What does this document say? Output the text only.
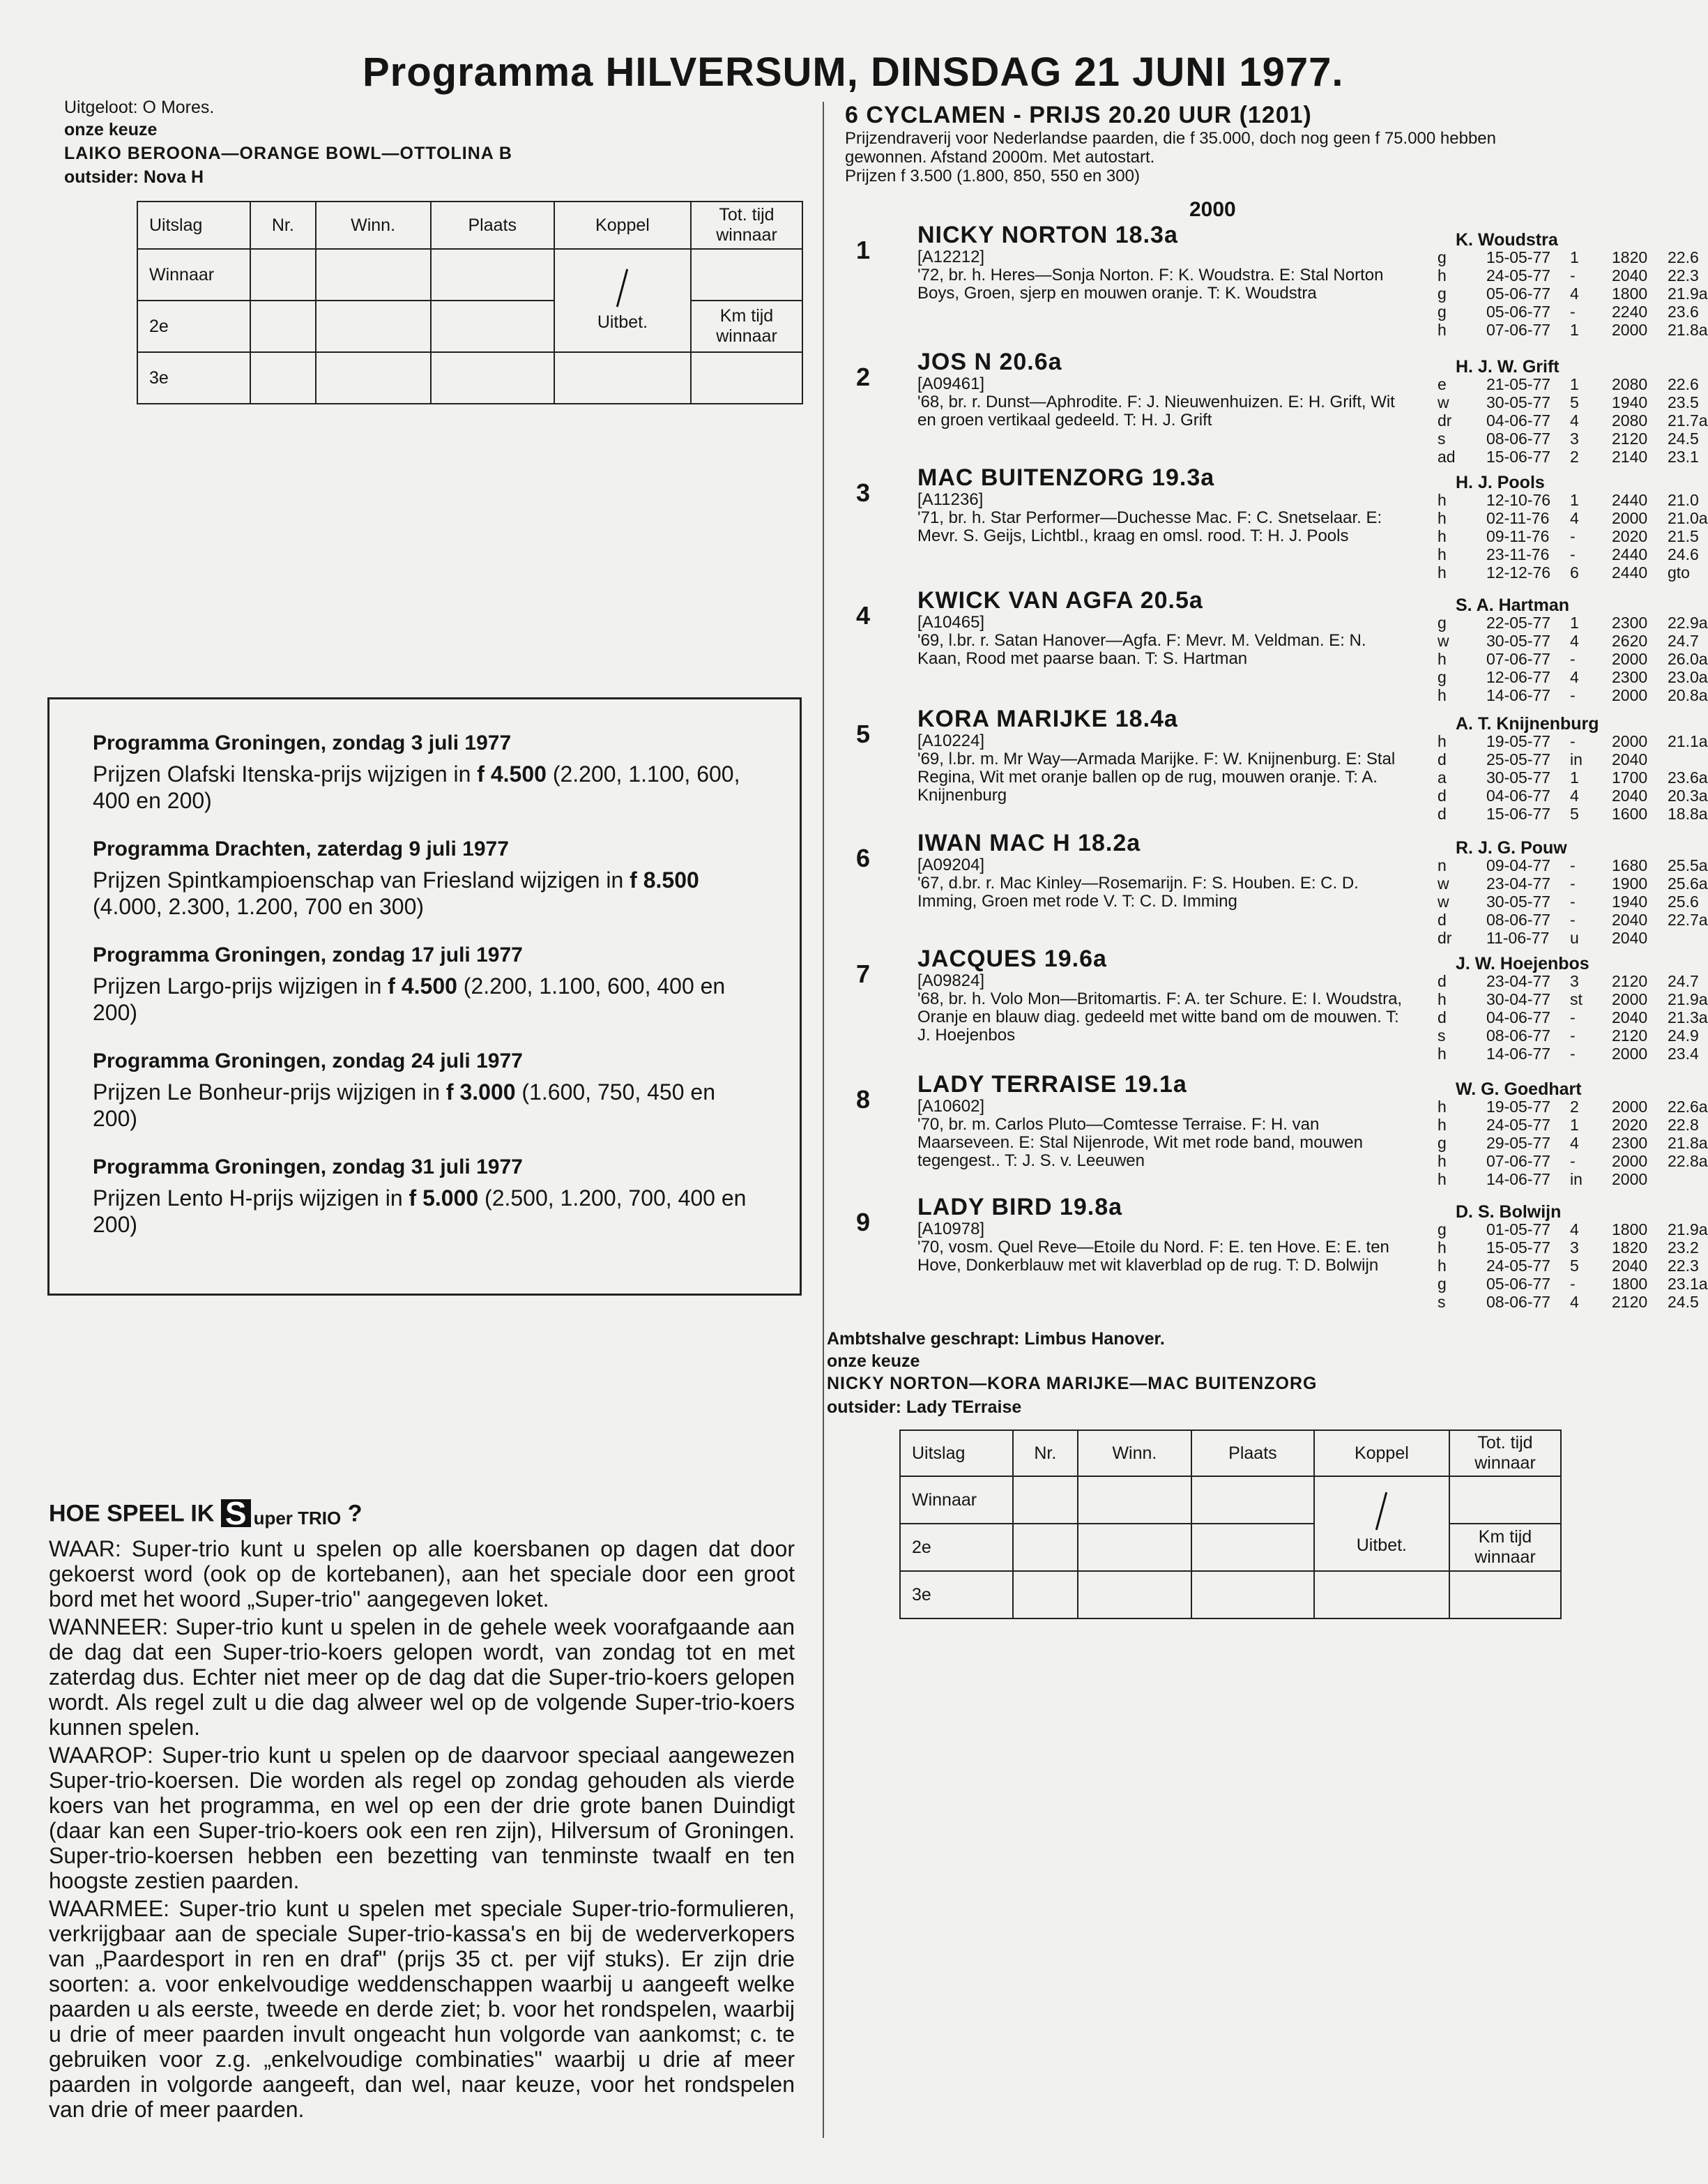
Programma HILVERSUM, DINSDAG 21 JUNI 1977.
Uitgeloot: O Mores.
onze keuze
LAIKO BEROONA—ORANGE BOWL—OTTOLINA B
outsider: Nova H
Uitslag	Nr.	Winn.	Plaats	Koppel	Tot. tijd winnaar
Winnaar				Uitbet.	
2e					Km tijd winnaar
3e					
Programma Groningen, zondag 3 juli 1977

Prijzen Olafski Itenska-prijs wijzigen in f 4.500 (2.200, 1.100, 600, 400 en 200)

Programma Drachten, zaterdag 9 juli 1977

Prijzen Spintkampioenschap van Friesland wijzigen in f 8.500 (4.000, 2.300, 1.200, 700 en 300)

Programma Groningen, zondag 17 juli 1977

Prijzen Largo-prijs wijzigen in f 4.500 (2.200, 1.100, 600, 400 en 200)

Programma Groningen, zondag 24 juli 1977

Prijzen Le Bonheur-prijs wijzigen in f 3.000 (1.600, 750, 450 en 200)

Programma Groningen, zondag 31 juli 1977

Prijzen Lento H-prijs wijzigen in f 5.000 (2.500, 1.200, 700, 400 en 200)

HOE SPEEL IK S uper TRIO ?

WAAR: Super-trio kunt u spelen op alle koersbanen op dagen dat door gekoerst word (ook op de kortebanen), aan het speciale door een groot bord met het woord „Super-trio" aangegeven loket.

WANNEER: Super-trio kunt u spelen in de gehele week voorafgaande aan de dag dat een Super-trio-koers gelopen wordt, van zondag tot en met zaterdag dus. Echter niet meer op de dag dat die Super-trio-koers gelopen wordt. Als regel zult u die dag alweer wel op de volgende Super-trio-koers kunnen spelen.

WAAROP: Super-trio kunt u spelen op de daarvoor speciaal aangewezen Super-trio-koersen. Die worden als regel op zondag gehouden als vierde koers van het programma, en wel op een der drie grote banen Duindigt (daar kan een Super-trio-koers ook een ren zijn), Hilversum of Groningen. Super-trio-koersen hebben een bezetting van tenminste twaalf en ten hoogste zestien paarden.

WAARMEE: Super-trio kunt u spelen met speciale Super-trio-formulieren, verkrijgbaar aan de speciale Super-trio-kassa's en bij de wederverkopers van „Paardesport in ren en draf" (prijs 35 ct. per vijf stuks). Er zijn drie soorten: a. voor enkelvoudige weddenschappen waarbij u aangeeft welke paarden u als eerste, tweede en derde ziet; b. voor het rondspelen, waarbij u drie of meer paarden invult ongeacht hun volgorde van aankomst; c. te gebruiken voor z.g. „enkelvoudige combinaties" waarbij u drie af meer paarden in volgorde aangeeft, dan wel, naar keuze, voor het rondspelen van drie of meer paarden.

6 CYCLAMEN - PRIJS 20.20 UUR (1201)
Prijzendraverij voor Nederlandse paarden, die f 35.000, doch nog geen f 75.000 hebben gewonnen. Afstand 2000m. Met autostart.
Prijzen f 3.500 (1.800, 850, 550 en 300)
2000
1
NICKY NORTON 18.3a	K. Woudstra
[A12212]
'72, br. h. Heres—Sonja Norton. F: K. Woudstra. E: Stal Norton Boys, Groen, sjerp en mouwen oranje. T: K. Woudstra
g 15-05-77 1 1820 22.6
h 24-05-77 - 2040 22.3
g 05-06-77 4 1800 21.9a
g 05-06-77 - 2240 23.6
h 07-06-77 1 2000 21.8a
2
JOS N 20.6a	H. J. W. Grift
[A09461]
'68, br. r. Dunst—Aphrodite. F: J. Nieuwenhuizen. E: H. Grift, Wit en groen vertikaal gedeeld. T: H. J. Grift
e 21-05-77 1 2080 22.6
w 30-05-77 5 1940 23.5
dr 04-06-77 4 2080 21.7a
s	08-06-77 3 2120 24.5
ad 15-06-77 2 2140 23.1
3
MAC BUITENZORG 19.3a	H. J. Pools
[A11236]
'71, br. h. Star Performer—Duchesse Mac. F: C. Snetselaar. E: Mevr. S. Geijs, Lichtbl., kraag en omsl. rood. T: H. J. Pools
h 12-10-76 1 2440 21.0
h 02-11-76 4 2000 21.0a
h 09-11-76 - 2020 21.5
h 23-11-76 - 2440 24.6
h 12-12-76 6 2440 gto
4
KWICK VAN AGFA 20.5a	S. A. Hartman
[A10465]
'69, l.br. r. Satan Hanover—Agfa. F: Mevr. M. Veldman. E: N. Kaan, Rood met paarse baan. T: S. Hartman
g 22-05-77 1 2300 22.9a
w 30-05-77 4 2620 24.7
h 07-06-77 - 2000 26.0a
g 12-06-77 4 2300 23.0a
h 14-06-77 - 2000 20.8a
5
KORA MARIJKE 18.4a	A. T. Knijnenburg
[A10224]
'69, l.br. m. Mr Way—Armada Marijke. F: W. Knijnenburg. E: Stal Regina, Wit met oranje ballen op de rug, mouwen oranje. T: A. Knijnenburg
h 19-05-77 - 2000 21.1a
d 25-05-77 in 2040
a 30-05-77 1 1700 23.6a
d 04-06-77 4 2040 20.3a
d 15-06-77 5 1600 18.8a
6
IWAN MAC H 18.2a	R. J. G. Pouw
[A09204]
'67, d.br. r. Mac Kinley—Rosemarijn. F: S. Houben. E: C. D. Imming, Groen met rode V. T: C. D. Imming
n 09-04-77 - 1680 25.5a
w 23-04-77 - 1900 25.6a
w 30-05-77 - 1940 25.6
d 08-06-77 - 2040 22.7a
dr 11-06-77 u 2040
7
JACQUES 19.6a	J. W. Hoejenbos
[A09824]
'68, br. h. Volo Mon—Britomartis. F: A. ter Schure. E: I. Woudstra, Oranje en blauw diag. gedeeld met witte band om de mouwen. T: J. Hoejenbos
d 23-04-77 3 2120 24.7
h 30-04-77 st 2000 21.9a
d 04-06-77 - 2040 21.3a
s	08-06-77 - 2120 24.9
h 14-06-77 - 2000 23.4
8
LADY TERRAISE 19.1a	W. G. Goedhart
[A10602]
'70, br. m. Carlos Pluto—Comtesse Terraise. F: H. van Maarseveen. E: Stal Nijenrode, Wit met rode band, mouwen tegengest.. T: J. S. v. Leeuwen
h 19-05-77 2 2000 22.6a
h 24-05-77 1 2020 22.8
g 29-05-77 4 2300 21.8a
h 07-06-77 - 2000 22.8a
h 14-06-77 in 2000
9
LADY BIRD 19.8a	D. S. Bolwijn
[A10978]
'70, vosm. Quel Reve—Etoile du Nord. F: E. ten Hove. E: E. ten Hove, Donkerblauw met wit klaverblad op de rug. T: D. Bolwijn
g 01-05-77 4 1800 21.9a
h 15-05-77 3 1820 23.2
h 24-05-77 5 2040 22.3
g 05-06-77 - 1800 23.1a
s	08-06-77 4 2120 24.5
Ambtshalve geschrapt: Limbus Hanover.
onze keuze
NICKY NORTON—KORA MARIJKE—MAC BUITENZORG
outsider: Lady TErraise
Uitslag	Nr.	Winn.	Plaats	Koppel	Tot. tijd winnaar
Winnaar				Uitbet.	
2e					Km tijd winnaar
3e					
